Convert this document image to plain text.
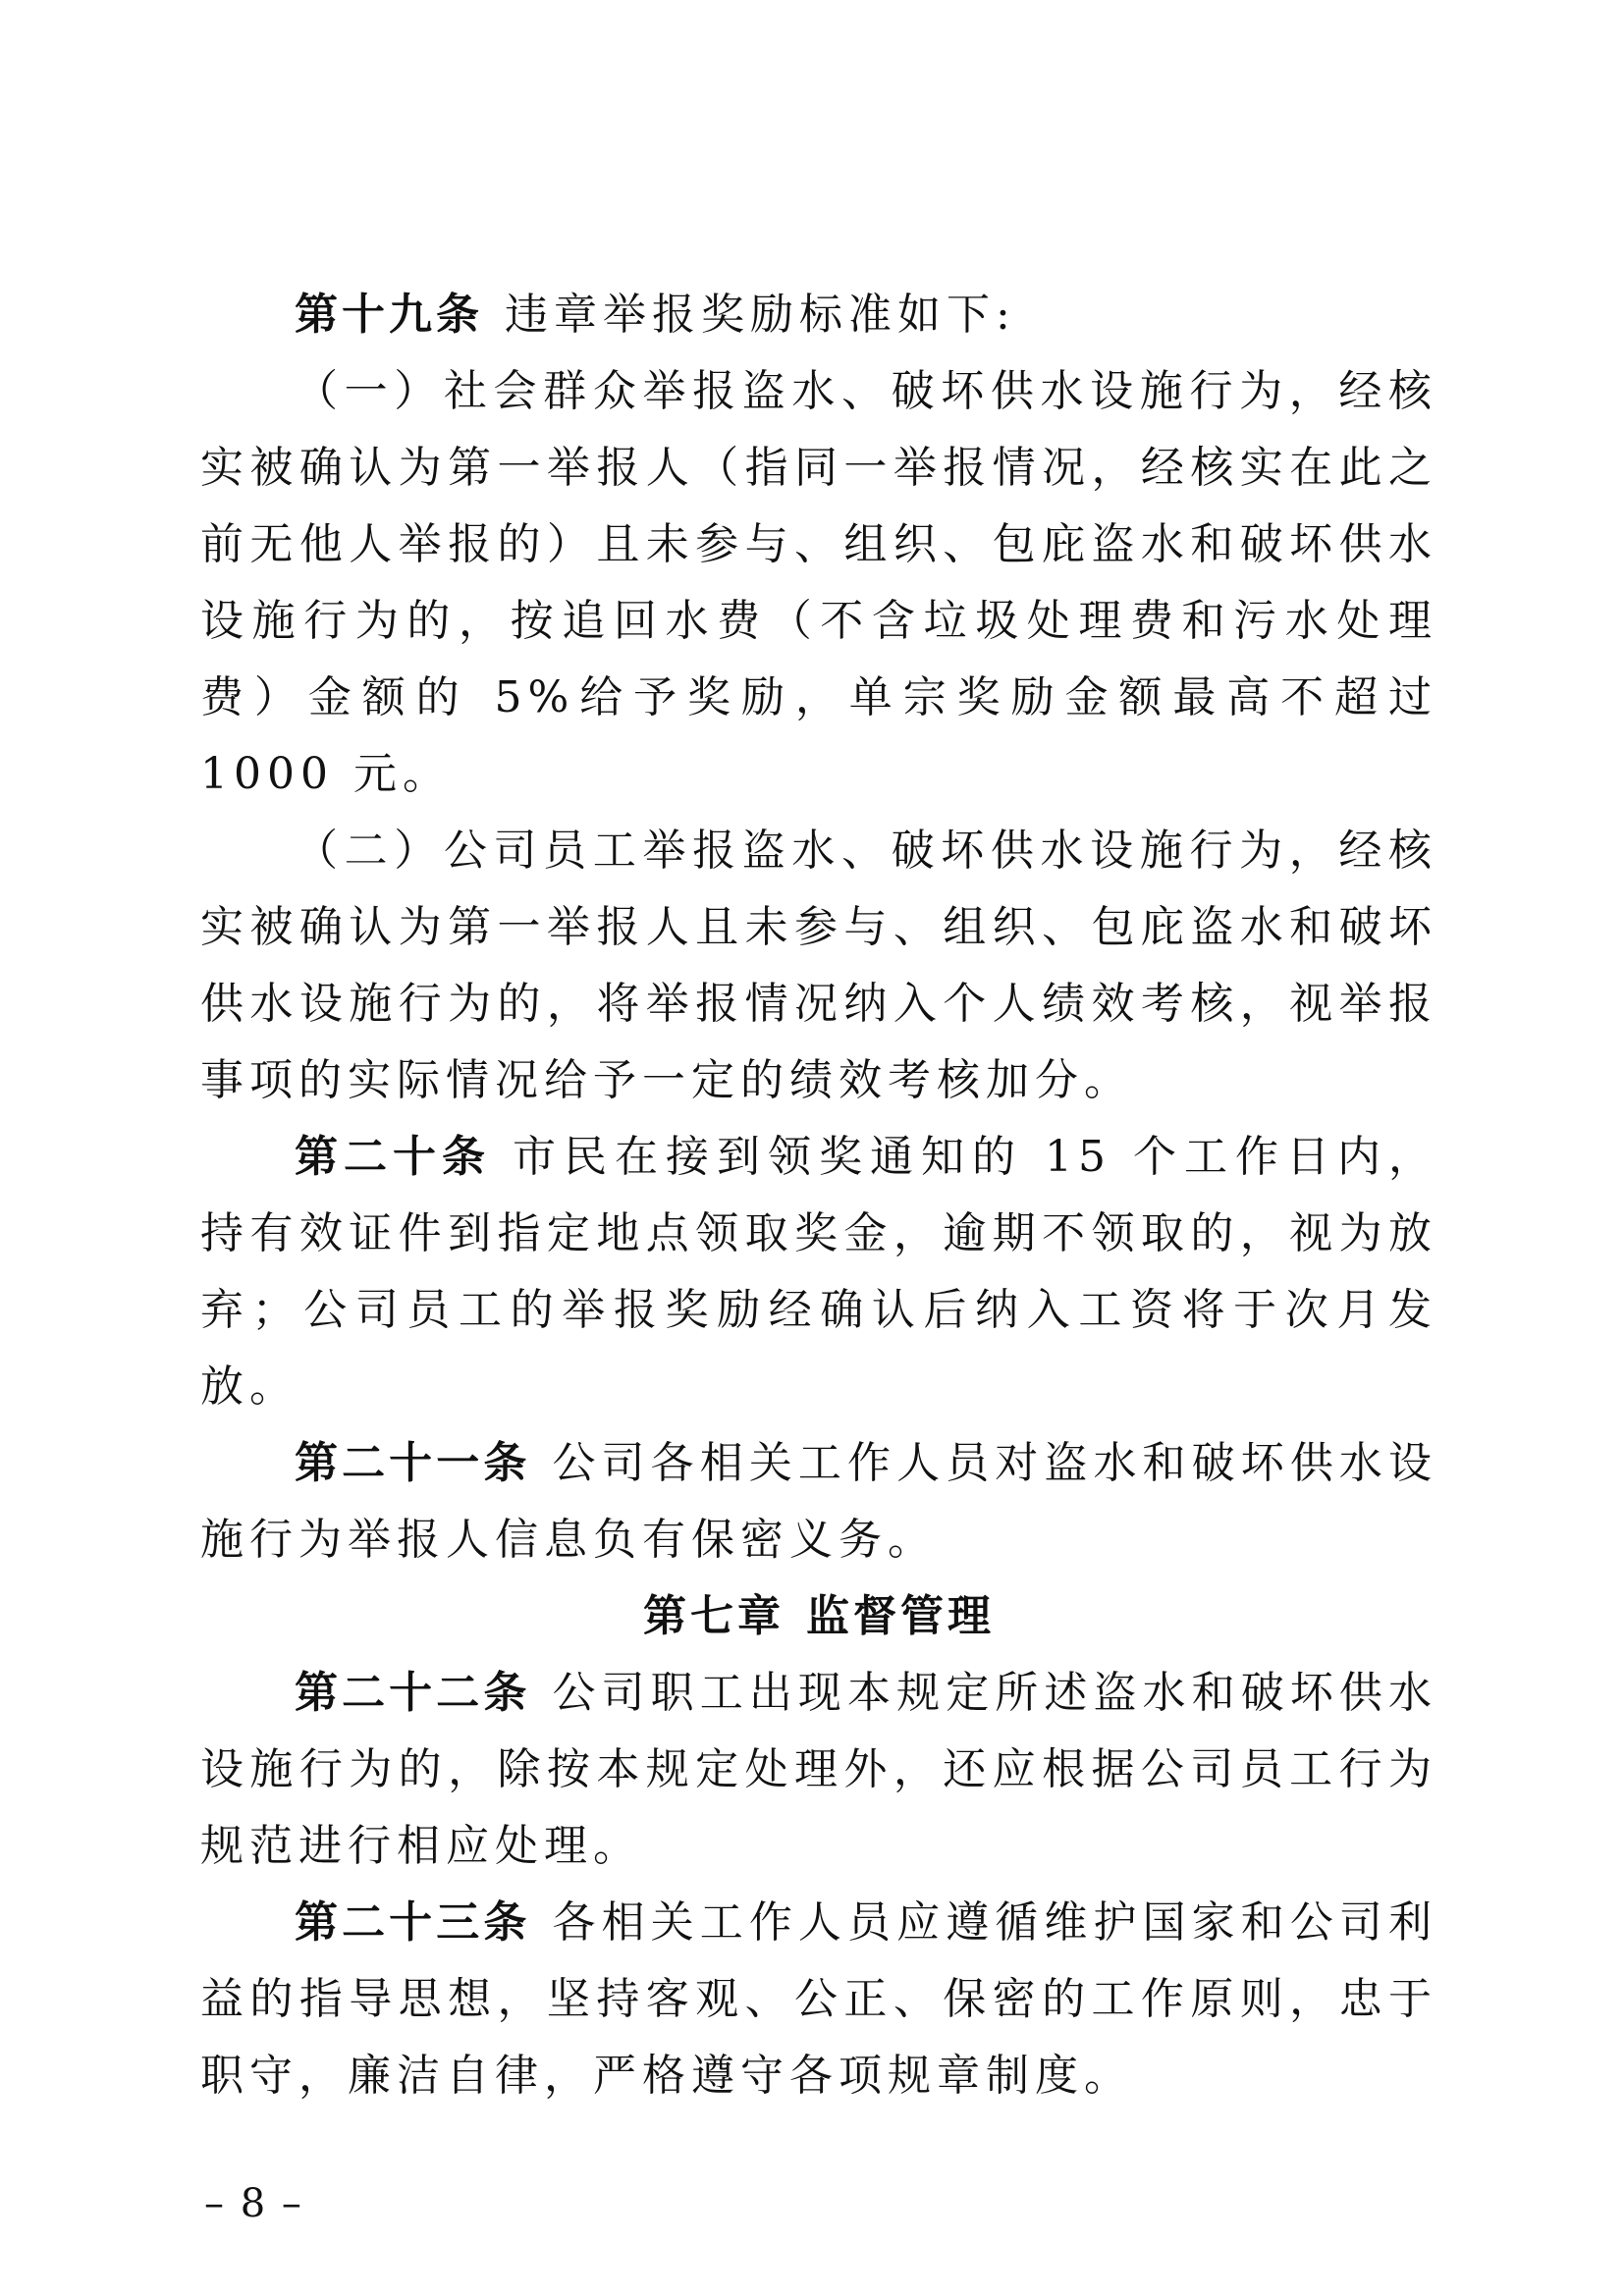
第十九条 违章举报奖励标准如下:

（一）社会群众举报盗水、破坏供水设施行为，经核实被确认为第一举报人（指同一举报情况，经核实在此之前无他人举报的）且未参与、组织、包庇盗水和破坏供水设施行为的，按追回水费（不含垃圾处理费和污水处理费）金额的 5%给予奖励，单宗奖励金额最高不超过 1000 元。

（二）公司员工举报盗水、破坏供水设施行为，经核实被确认为第一举报人且未参与、组织、包庇盗水和破坏供水设施行为的，将举报情况纳入个人绩效考核，视举报事项的实际情况给予一定的绩效考核加分。

第二十条 市民在接到领奖通知的 15 个工作日内，持有效证件到指定地点领取奖金，逾期不领取的，视为放弃；公司员工的举报奖励经确认后纳入工资将于次月发放。

第二十一条 公司各相关工作人员对盗水和破坏供水设施行为举报人信息负有保密义务。

第七章 监督管理

第二十二条 公司职工出现本规定所述盗水和破坏供水设施行为的，除按本规定处理外，还应根据公司员工行为规范进行相应处理。

第二十三条 各相关工作人员应遵循维护国家和公司利益的指导思想，坚持客观、公正、保密的工作原则，忠于职守，廉洁自律，严格遵守各项规章制度。

– 8 –
